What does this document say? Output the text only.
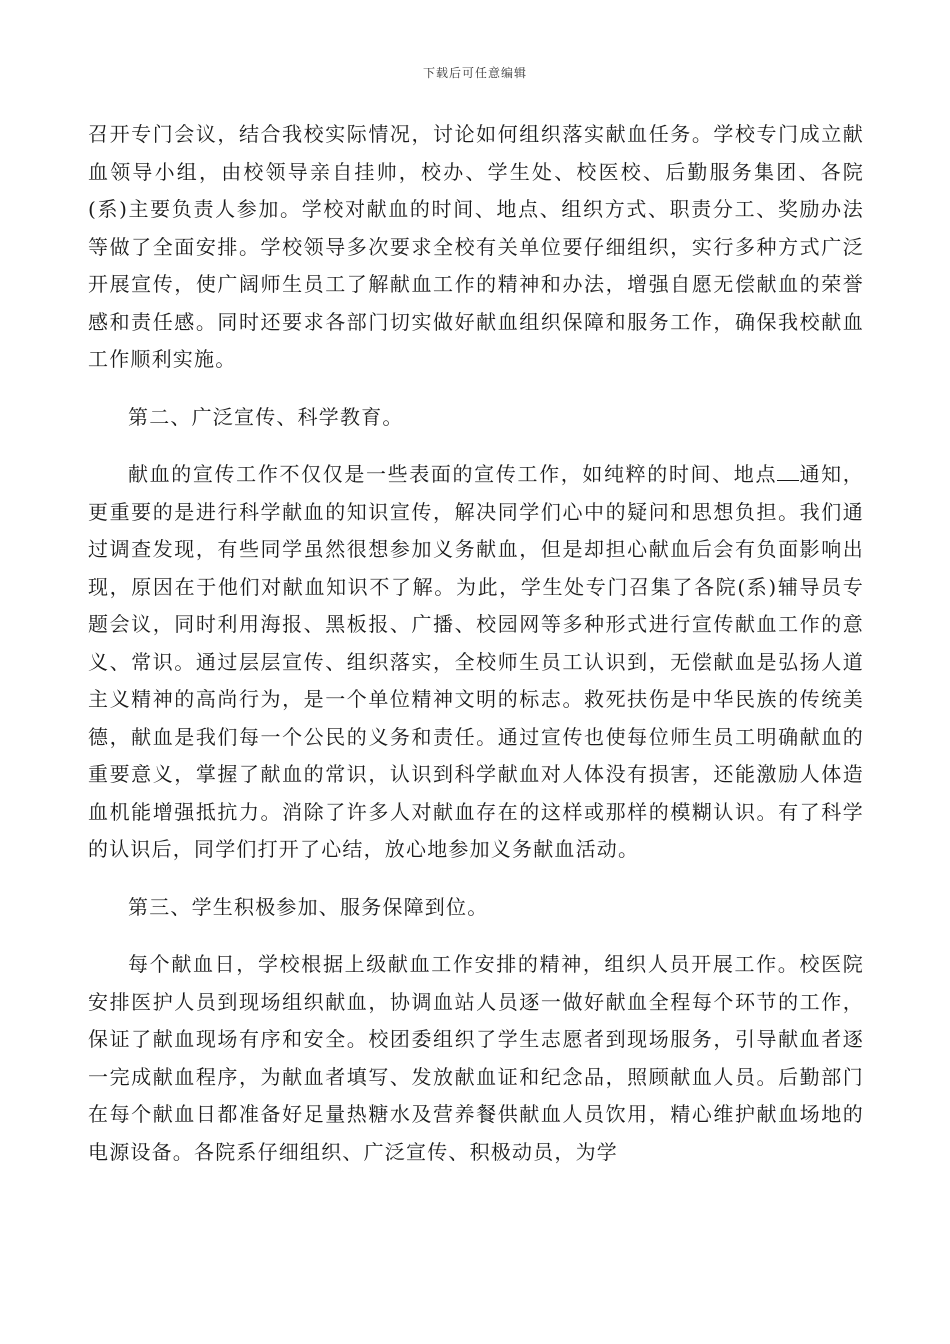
下载后可任意编辑

召开专门会议，结合我校实际情况，讨论如何组织落实献血任务。学校专门成立献血领导小组，由校领导亲自挂帅，校办、学生处、校医校、后勤服务集团、各院(系)主要负责人参加。学校对献血的时间、地点、组织方式、职责分工、奖励办法等做了全面安排。学校领导多次要求全校有关单位要仔细组织，实行多种方式广泛开展宣传，使广阔师生员工了解献血工作的精神和办法，增强自愿无偿献血的荣誉感和责任感。同时还要求各部门切实做好献血组织保障和服务工作，确保我校献血工作顺利实施。

第二、广泛宣传、科学教育。

献血的宣传工作不仅仅是一些表面的宣传工作，如纯粹的时间、地点 通知，更重要的是进行科学献血的知识宣传，解决同学们心中的疑问和思想负担。我们通过调查发现，有些同学虽然很想参加义务献血，但是却担心献血后会有负面影响出现，原因在于他们对献血知识不了解。为此，学生处专门召集了各院(系)辅导员专题会议，同时利用海报、黑板报、广播、校园网等多种形式进行宣传献血工作的意义、常识。通过层层宣传、组织落实，全校师生员工认识到，无偿献血是弘扬人道主义精神的高尚行为，是一个单位精神文明的标志。救死扶伤是中华民族的传统美德，献血是我们每一个公民的义务和责任。通过宣传也使每位师生员工明确献血的重要意义，掌握了献血的常识，认识到科学献血对人体没有损害，还能激励人体造血机能增强抵抗力。消除了许多人对献血存在的这样或那样的模糊认识。有了科学的认识后，同学们打开了心结，放心地参加义务献血活动。

第三、学生积极参加、服务保障到位。

每个献血日，学校根据上级献血工作安排的精神，组织人员开展工作。校医院安排医护人员到现场组织献血，协调血站人员逐一做好献血全程每个环节的工作，保证了献血现场有序和安全。校团委组织了学生志愿者到现场服务，引导献血者逐一完成献血程序，为献血者填写、发放献血证和纪念品，照顾献血人员。后勤部门在每个献血日都准备好足量热糖水及营养餐供献血人员饮用，精心维护献血场地的电源设备。各院系仔细组织、广泛宣传、积极动员，为学
